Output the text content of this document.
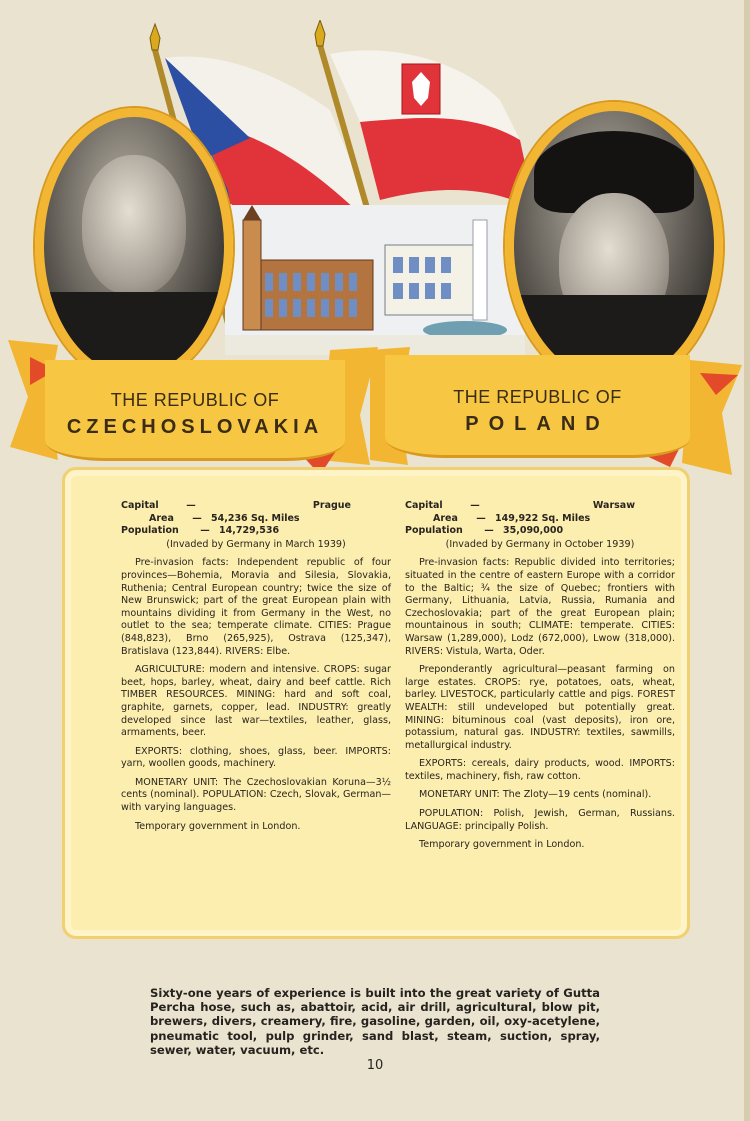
THE REPUBLIC OF
CZECHOSLOVAKIA
THE REPUBLIC OF
POLAND
Capital	—	Prague
Area	— 54,236 Sq. Miles
Population	— 14,729,536
(Invaded by Germany in March 1939)

Pre-invasion facts: Independent republic of four provinces—Bohemia, Moravia and Silesia, Slovakia, Ruthenia; Central European country; twice the size of New Brunswick; part of the great European plain with mountains dividing it from Germany in the West, no outlet to the sea; temperate climate. CITIES: Prague (848,823), Brno (265,925), Ostrava (125,347), Bratislava (123,844). RIVERS: Elbe.

AGRICULTURE: modern and intensive. CROPS: sugar beet, hops, barley, wheat, dairy and beef cattle. Rich TIMBER RESOURCES. MINING: hard and soft coal, graphite, garnets, copper, lead. INDUSTRY: greatly developed since last war—textiles, leather, glass, armaments, beer.

EXPORTS: clothing, shoes, glass, beer. IMPORTS: yarn, woollen goods, machinery.

MONETARY UNIT: The Czechoslovakian Koruna—3½ cents (nominal). POPULATION: Czech, Slovak, German—with varying languages.

Temporary government in London.

Capital	—	Warsaw
Area	— 149,922 Sq. Miles
Population	— 35,090,000
(Invaded by Germany in October 1939)

Pre-invasion facts: Republic divided into territories; situated in the centre of eastern Europe with a corridor to the Baltic; ¾ the size of Quebec; frontiers with Germany, Lithuania, Latvia, Russia, Rumania and Czechoslovakia; part of the great European plain; mountainous in south; CLIMATE: temperate. CITIES: Warsaw (1,289,000), Lodz (672,000), Lwow (318,000). RIVERS: Vistula, Warta, Oder.

Preponderantly agricultural—peasant farming on large estates. CROPS: rye, potatoes, oats, wheat, barley. LIVESTOCK, particularly cattle and pigs. FOREST WEALTH: still undeveloped but potentially great. MINING: bituminous coal (vast deposits), iron ore, potassium, natural gas. INDUSTRY: textiles, sawmills, metallurgical industry.

EXPORTS: cereals, dairy products, wood. IMPORTS: textiles, machinery, fish, raw cotton.

MONETARY UNIT: The Zloty—19 cents (nominal).

POPULATION: Polish, Jewish, German, Russians. LANGUAGE: principally Polish.

Temporary government in London.

Sixty-one years of experience is built into the great variety of Gutta Percha hose, such as, abattoir, acid, air drill, agricultural, blow pit, brewers, divers, creamery, fire, gasoline, garden, oil, oxy-acetylene, pneumatic tool, pulp grinder, sand blast, steam, suction, spray, sewer, water, vacuum, etc.
10
